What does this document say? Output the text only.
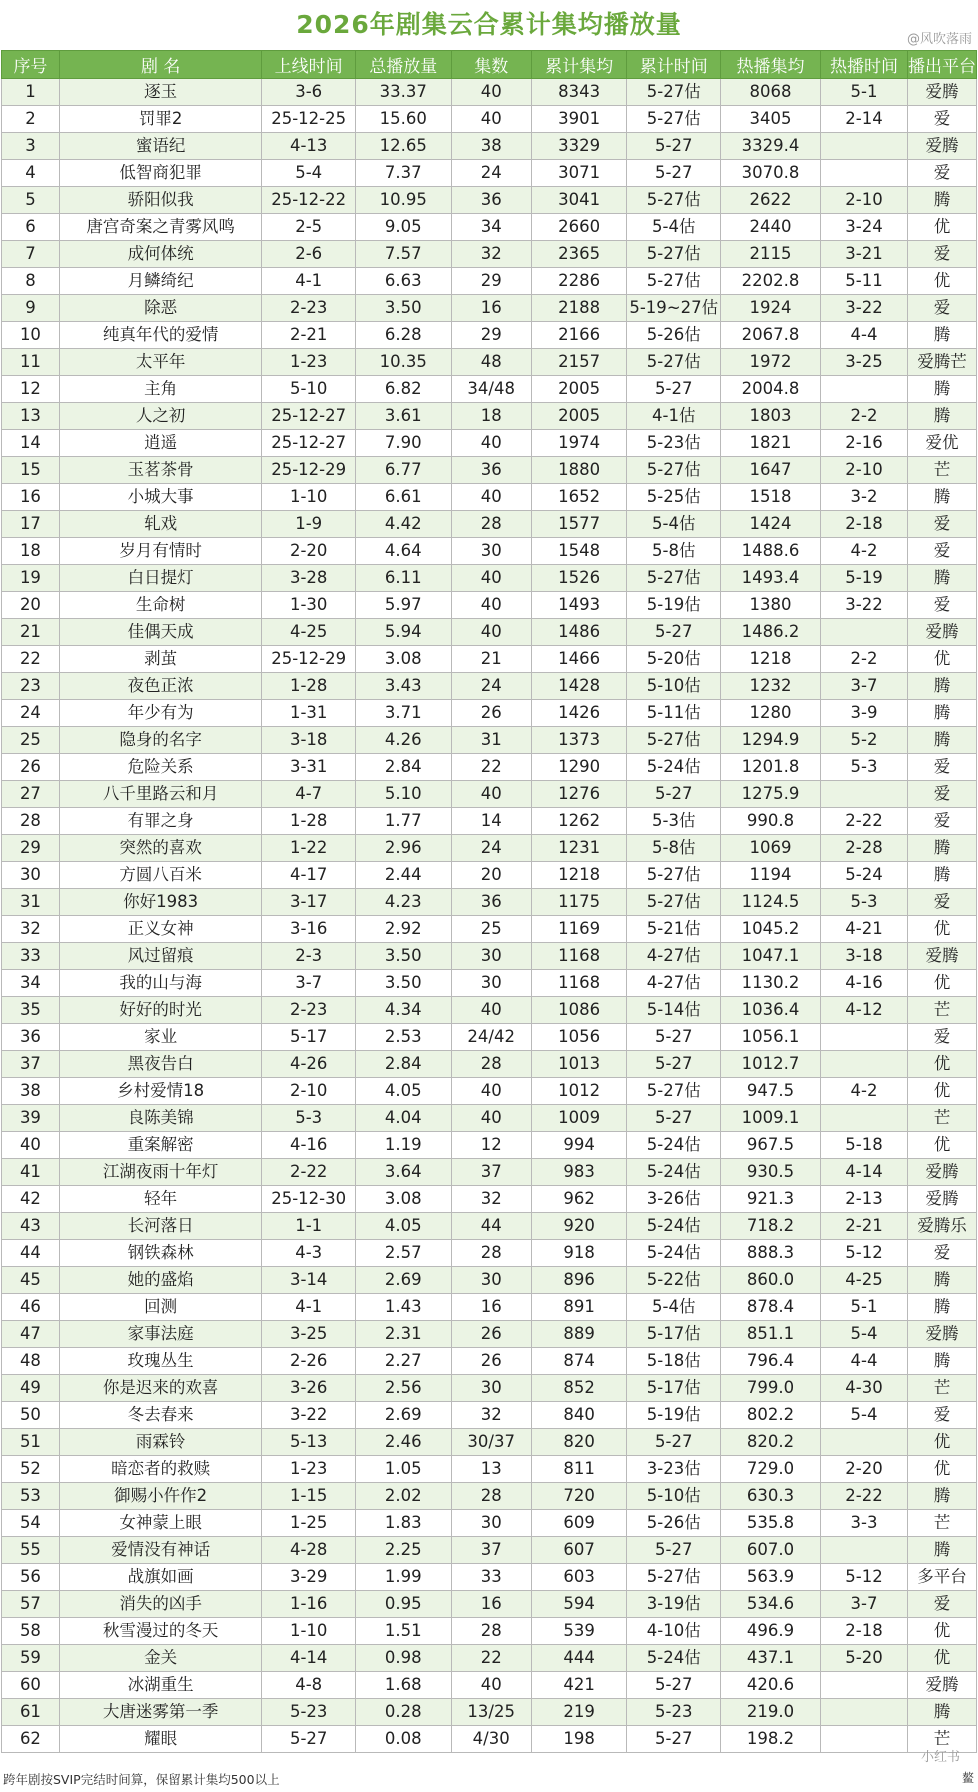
2026年剧集云合累计集均播放量
@风吹落雨
序号	剧 名	上线时间	总播放量	集数	累计集均	累计时间	热播集均	热播时间	播出平台
1	逐玉	3-6	33.37	40	8343	5-27估	8068	5-1	爱腾
2	罚罪2	25-12-25	15.60	40	3901	5-27估	3405	2-14	爱
3	蜜语纪	4-13	12.65	38	3329	5-27	3329.4		爱腾
4	低智商犯罪	5-4	7.37	24	3071	5-27	3070.8		爱
5	骄阳似我	25-12-22	10.95	36	3041	5-27估	2622	2-10	腾
6	唐宫奇案之青雾风鸣	2-5	9.05	34	2660	5-4估	2440	3-24	优
7	成何体统	2-6	7.57	32	2365	5-27估	2115	3-21	爱
8	月鳞绮纪	4-1	6.63	29	2286	5-27估	2202.8	5-11	优
9	除恶	2-23	3.50	16	2188	5-19~27估	1924	3-22	爱
10	纯真年代的爱情	2-21	6.28	29	2166	5-26估	2067.8	4-4	腾
11	太平年	1-23	10.35	48	2157	5-27估	1972	3-25	爱腾芒
12	主角	5-10	6.82	34/48	2005	5-27	2004.8		腾
13	人之初	25-12-27	3.61	18	2005	4-1估	1803	2-2	腾
14	逍遥	25-12-27	7.90	40	1974	5-23估	1821	2-16	爱优
15	玉茗茶骨	25-12-29	6.77	36	1880	5-27估	1647	2-10	芒
16	小城大事	1-10	6.61	40	1652	5-25估	1518	3-2	腾
17	轧戏	1-9	4.42	28	1577	5-4估	1424	2-18	爱
18	岁月有情时	2-20	4.64	30	1548	5-8估	1488.6	4-2	爱
19	白日提灯	3-28	6.11	40	1526	5-27估	1493.4	5-19	腾
20	生命树	1-30	5.97	40	1493	5-19估	1380	3-22	爱
21	佳偶天成	4-25	5.94	40	1486	5-27	1486.2		爱腾
22	剥茧	25-12-29	3.08	21	1466	5-20估	1218	2-2	优
23	夜色正浓	1-28	3.43	24	1428	5-10估	1232	3-7	腾
24	年少有为	1-31	3.71	26	1426	5-11估	1280	3-9	腾
25	隐身的名字	3-18	4.26	31	1373	5-27估	1294.9	5-2	腾
26	危险关系	3-31	2.84	22	1290	5-24估	1201.8	5-3	爱
27	八千里路云和月	4-7	5.10	40	1276	5-27	1275.9		爱
28	有罪之身	1-28	1.77	14	1262	5-3估	990.8	2-22	爱
29	突然的喜欢	1-22	2.96	24	1231	5-8估	1069	2-28	腾
30	方圆八百米	4-17	2.44	20	1218	5-27估	1194	5-24	腾
31	你好1983	3-17	4.23	36	1175	5-27估	1124.5	5-3	爱
32	正义女神	3-16	2.92	25	1169	5-21估	1045.2	4-21	优
33	风过留痕	2-3	3.50	30	1168	4-27估	1047.1	3-18	爱腾
34	我的山与海	3-7	3.50	30	1168	4-27估	1130.2	4-16	优
35	好好的时光	2-23	4.34	40	1086	5-14估	1036.4	4-12	芒
36	家业	5-17	2.53	24/42	1056	5-27	1056.1		爱
37	黑夜告白	4-26	2.84	28	1013	5-27	1012.7		优
38	乡村爱情18	2-10	4.05	40	1012	5-27估	947.5	4-2	优
39	良陈美锦	5-3	4.04	40	1009	5-27	1009.1		芒
40	重案解密	4-16	1.19	12	994	5-24估	967.5	5-18	优
41	江湖夜雨十年灯	2-22	3.64	37	983	5-24估	930.5	4-14	爱腾
42	轻年	25-12-30	3.08	32	962	3-26估	921.3	2-13	爱腾
43	长河落日	1-1	4.05	44	920	5-24估	718.2	2-21	爱腾乐
44	钢铁森林	4-3	2.57	28	918	5-24估	888.3	5-12	爱
45	她的盛焰	3-14	2.69	30	896	5-22估	860.0	4-25	腾
46	回测	4-1	1.43	16	891	5-4估	878.4	5-1	腾
47	家事法庭	3-25	2.31	26	889	5-17估	851.1	5-4	爱腾
48	玫瑰丛生	2-26	2.27	26	874	5-18估	796.4	4-4	腾
49	你是迟来的欢喜	3-26	2.56	30	852	5-17估	799.0	4-30	芒
50	冬去春来	3-22	2.69	32	840	5-19估	802.2	5-4	爱
51	雨霖铃	5-13	2.46	30/37	820	5-27	820.2		优
52	暗恋者的救赎	1-23	1.05	13	811	3-23估	729.0	2-20	优
53	御赐小仵作2	1-15	2.02	28	720	5-10估	630.3	2-22	腾
54	女神蒙上眼	1-25	1.83	30	609	5-26估	535.8	3-3	芒
55	爱情没有神话	4-28	2.25	37	607	5-27	607.0		腾
56	战旗如画	3-29	1.99	33	603	5-27估	563.9	5-12	多平台
57	消失的凶手	1-16	0.95	16	594	3-19估	534.6	3-7	爱
58	秋雪漫过的冬天	1-10	1.51	28	539	4-10估	496.9	2-18	优
59	金关	4-14	0.98	22	444	5-24估	437.1	5-20	优
60	冰湖重生	4-8	1.68	40	421	5-27	420.6		爱腾
61	大唐迷雾第一季	5-23	0.28	13/25	219	5-23	219.0		腾
62	耀眼	5-27	0.08	4/30	198	5-27	198.2		芒
小红书
鳌
跨年剧按SVIP完结时间算，保留累计集均500以上
